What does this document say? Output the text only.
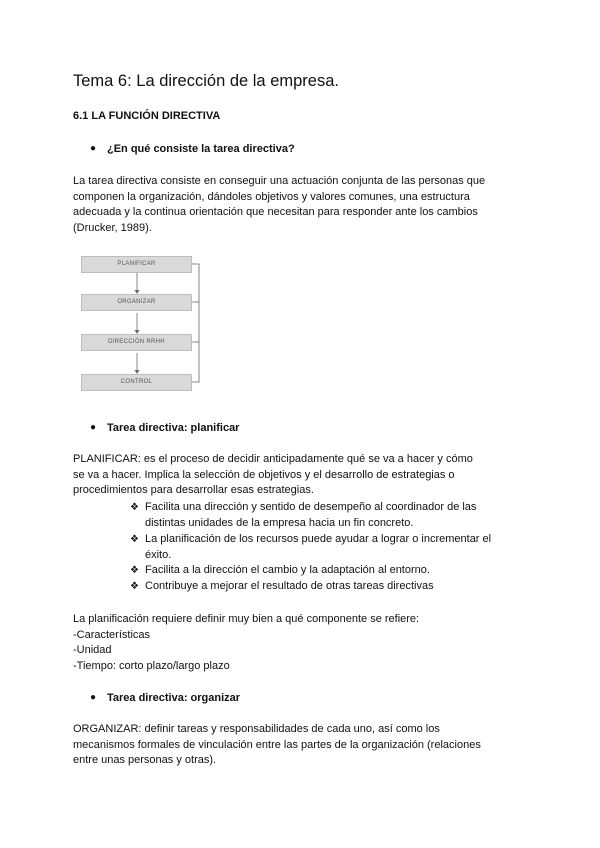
Tema 6: La dirección de la empresa.
6.1 LA FUNCIÓN DIRECTIVA
● ¿En qué consiste la tarea directiva?
La tarea directiva consiste en conseguir una actuación conjunta de las personas que
componen la organización, dándoles objetivos y valores comunes, una estructura
adecuada y la continua orientación que necesitan para responder ante los cambios
(Drucker, 1989).
PLANIFICAR
ORGANIZAR
DIRECCIÓN RRHH
CONTROL
● Tarea directiva: planificar
PLANIFICAR: es el proceso de decidir anticipadamente qué se va a hacer y cómo
se va a hacer. Implica la selección de objetivos y el desarrollo de estrategias o
procedimientos para desarrollar esas estrategias.
❖ Facilita una dirección y sentido de desempeño al coordinador de las
distintas unidades de la empresa hacia un fin concreto.
❖ La planificación de los recursos puede ayudar a lograr o incrementar el
éxito.
❖ Facilita a la dirección el cambio y la adaptación al entorno.
❖ Contribuye a mejorar el resultado de otras tareas directivas
La planificación requiere definir muy bien a qué componente se refiere:
-Características
-Unidad
-Tiempo: corto plazo/largo plazo
● Tarea directiva: organizar
ORGANIZAR: definir tareas y responsabilidades de cada uno, así como los
mecanismos formales de vinculación entre las partes de la organización (relaciones
entre unas personas y otras).
